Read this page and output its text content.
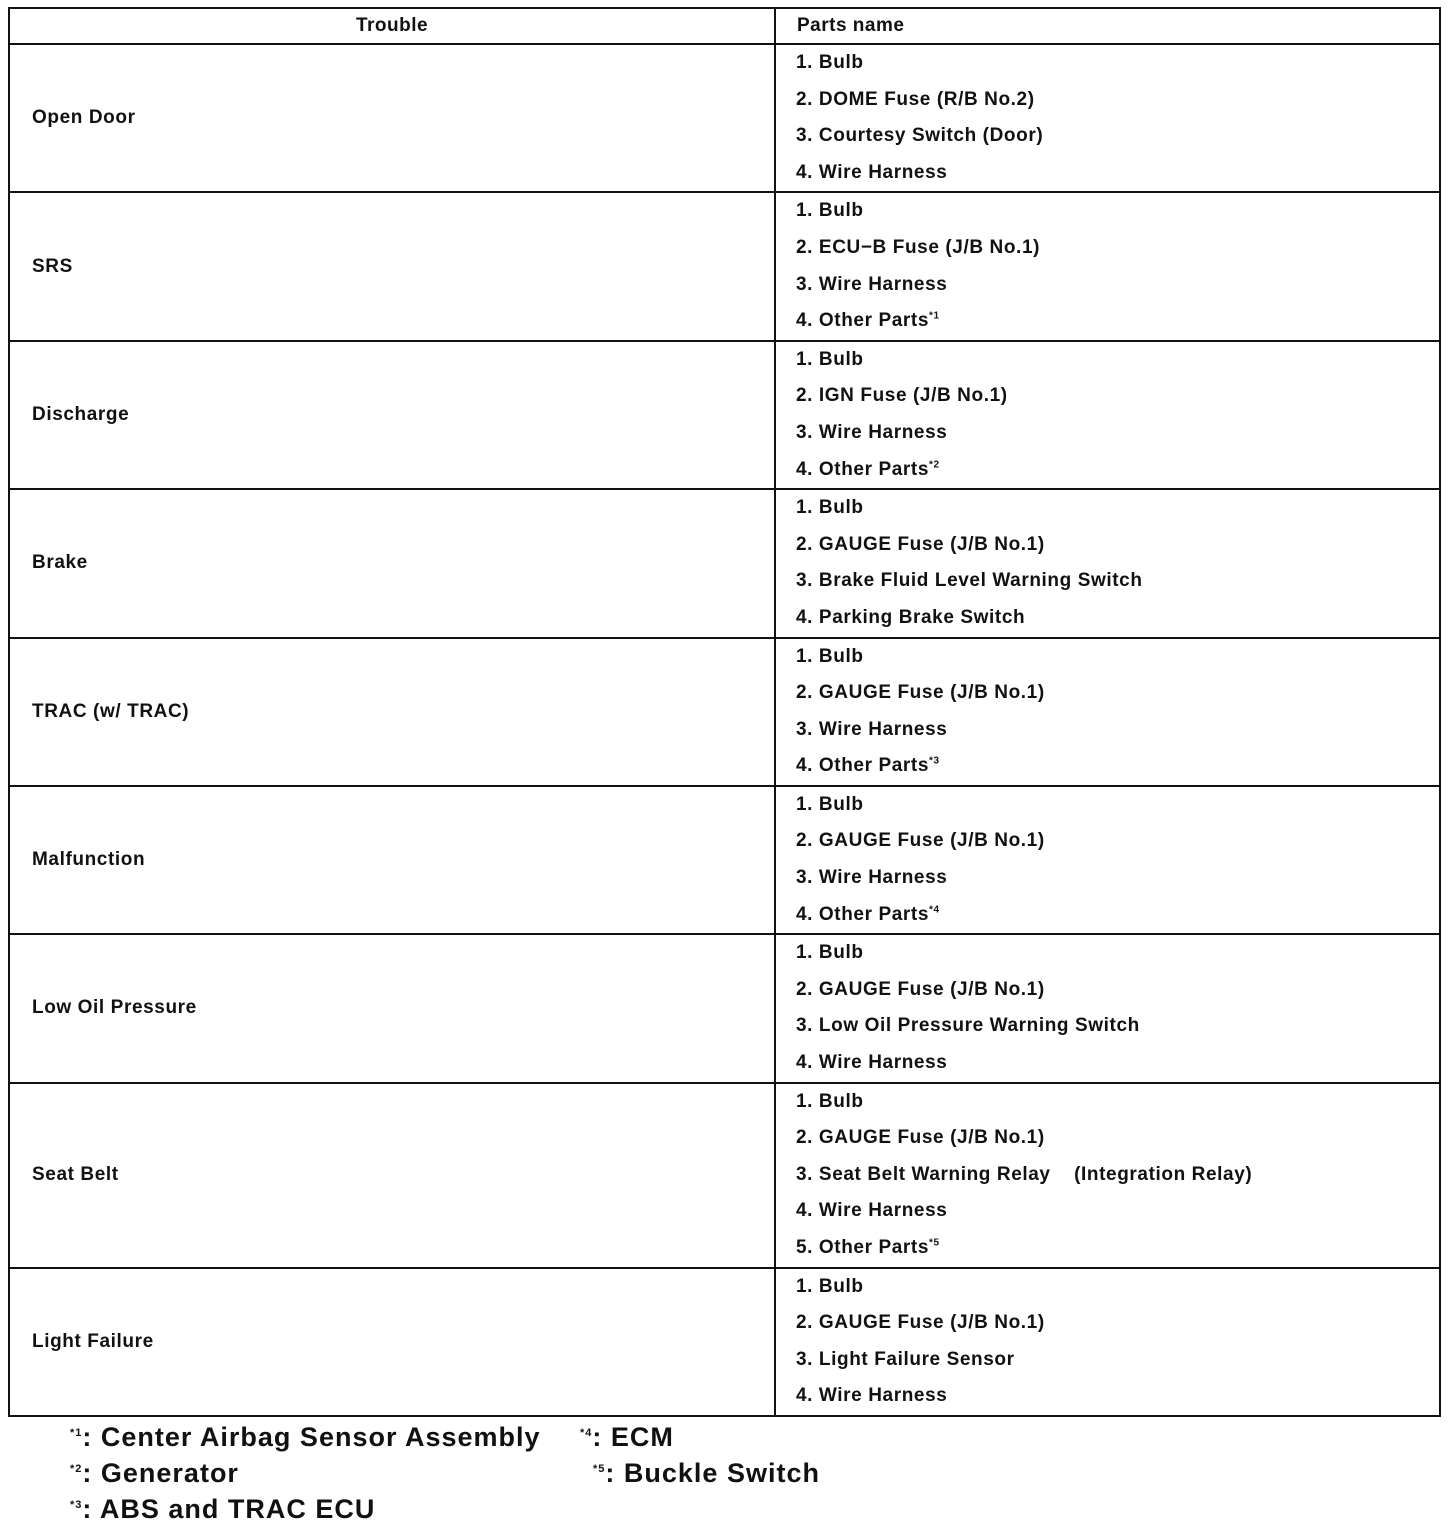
Trouble	Parts name
Open Door	1. Bulb
2. DOME Fuse (R/B No.2)
3. Courtesy Switch (Door)
4. Wire Harness

SRS	1. Bulb
2. ECU−B Fuse (J/B No.1)
3. Wire Harness
4. Other Parts$^{*1}$

Discharge	1. Bulb
2. IGN Fuse (J/B No.1)
3. Wire Harness
4. Other Parts$^{*2}$

Brake	1. Bulb
2. GAUGE Fuse (J/B No.1)
3. Brake Fluid Level Warning Switch
4. Parking Brake Switch

TRAC (w/ TRAC)	1. Bulb
2. GAUGE Fuse (J/B No.1)
3. Wire Harness
4. Other Parts$^{*3}$

Malfunction	1. Bulb
2. GAUGE Fuse (J/B No.1)
3. Wire Harness
4. Other Parts$^{*4}$

Low Oil Pressure	1. Bulb
2. GAUGE Fuse (J/B No.1)
3. Low Oil Pressure Warning Switch
4. Wire Harness

Seat Belt	1. Bulb
2. GAUGE Fuse (J/B No.1)
3. Seat Belt Warning Relay    (Integration Relay)
4. Wire Harness
5. Other Parts$^{*5}$

Light Failure	1. Bulb
2. GAUGE Fuse (J/B No.1)
3. Light Failure Sensor
4. Wire Harness
$^{*1}$: Center Airbag Sensor Assembly
$^{*2}$: Generator
$^{*3}$: ABS and TRAC ECU
$^{*4}$: ECM
$^{*5}$: Buckle Switch
